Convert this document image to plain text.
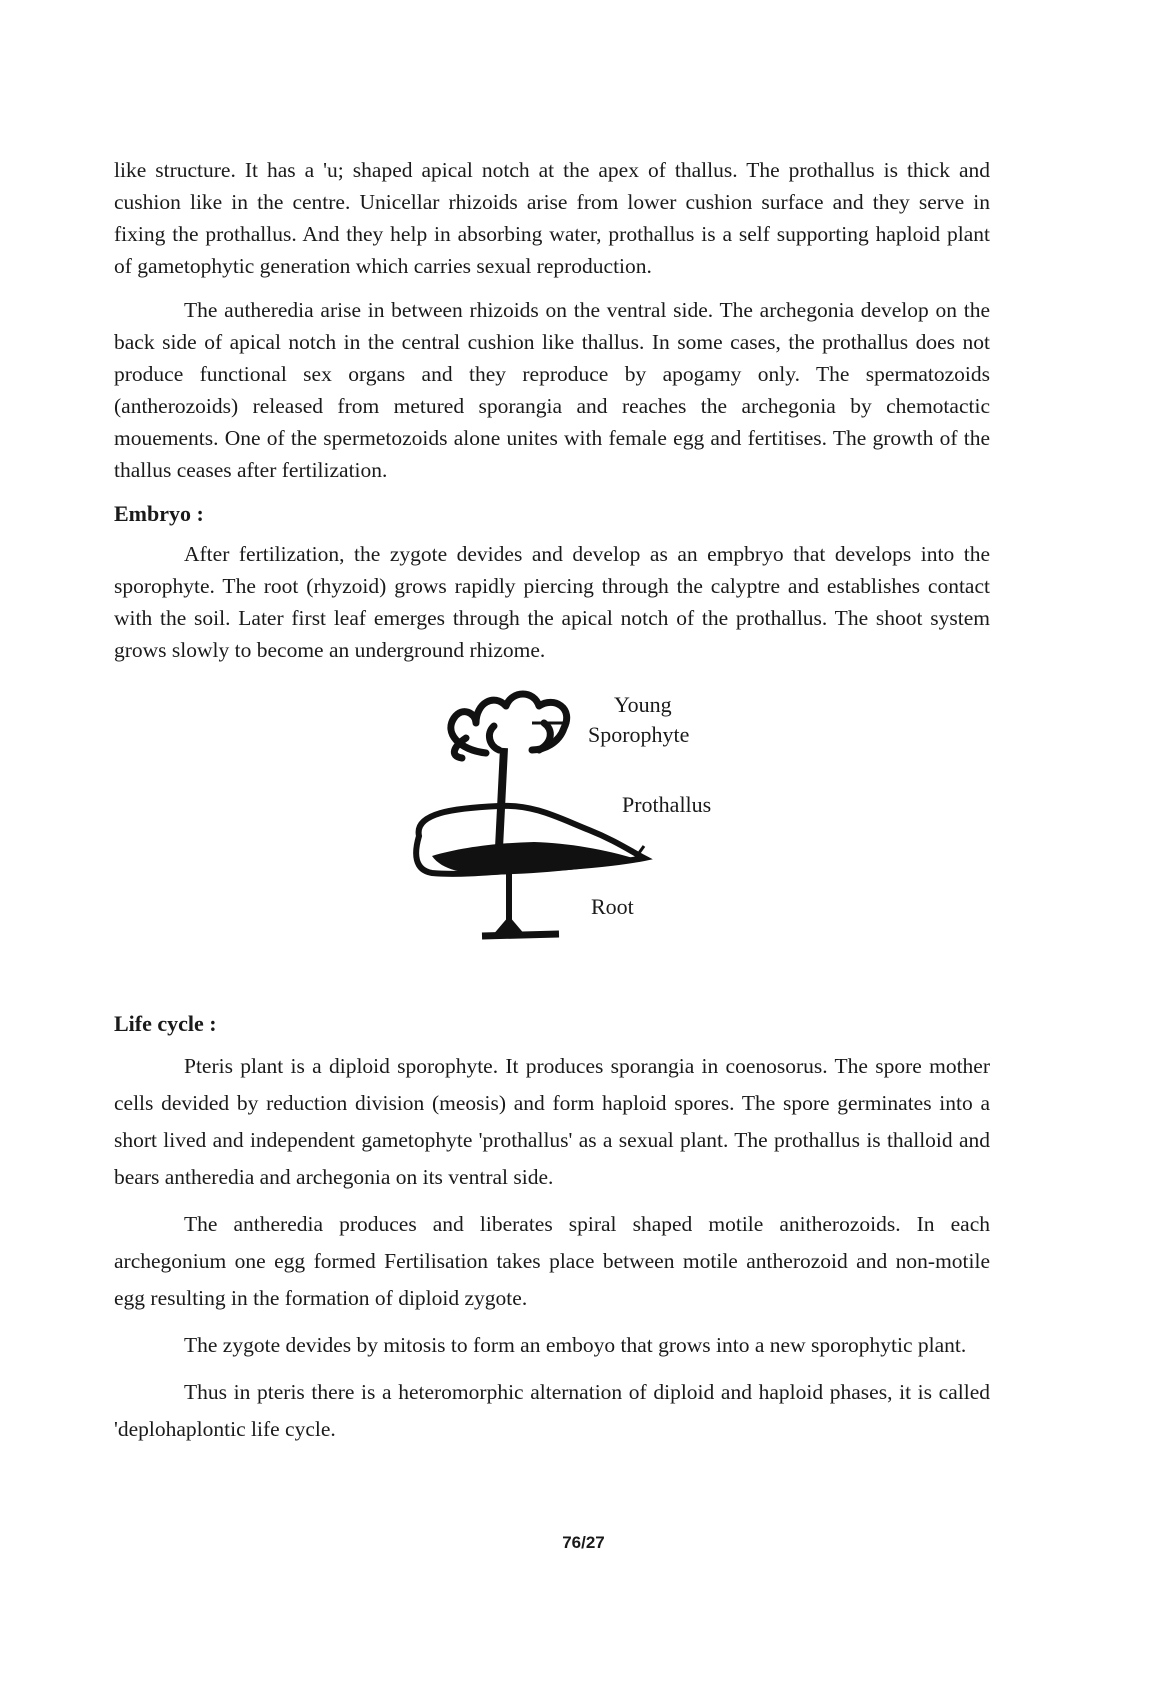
like structure. It has a 'u; shaped apical notch at the apex of thallus. The prothallus is thick and cushion like in the centre. Unicellar rhizoids arise from lower cushion surface and they serve in fixing the prothallus. And they help in absorbing water, prothallus is a self supporting haploid plant of gametophytic generation which carries sexual reproduction.

The autheredia arise in between rhizoids on the ventral side. The archegonia develop on the back side of apical notch in the central cushion like thallus. In some cases, the prothallus does not produce functional sex organs and they reproduce by apogamy only. The spermatozoids (antherozoids) released from metured sporangia and reaches the archegonia by chemotactic mouements. One of the spermetozoids alone unites with female egg and fertitises. The growth of the thallus ceases after fertilization.

Embryo :

After fertilization, the zygote devides and develop as an empbryo that develops into the sporophyte. The root (rhyzoid) grows rapidly piercing through the calyptre and establishes contact with the soil. Later first leaf emerges through the apical notch of the prothallus. The shoot system grows slowly to become an underground rhizome.

Young
Sporophyte
Prothallus
Root
Life cycle :

Pteris plant is a diploid sporophyte. It produces sporangia in coenosorus. The spore mother cells devided by reduction division (meosis) and form haploid spores. The spore germinates into a short lived and independent gametophyte 'prothallus' as a sexual plant. The prothallus is thalloid and bears antheredia and archegonia on its ventral side.

The antheredia produces and liberates spiral shaped motile anitherozoids. In each archegonium one egg formed Fertilisation takes place between motile antherozoid and non-motile egg resulting in the formation of diploid zygote.

The zygote devides by mitosis to form an emboyo that grows into a new sporophytic plant.

Thus in pteris there is a heteromorphic alternation of diploid and haploid phases, it is called 'deplohaplontic life cycle.

76/27
